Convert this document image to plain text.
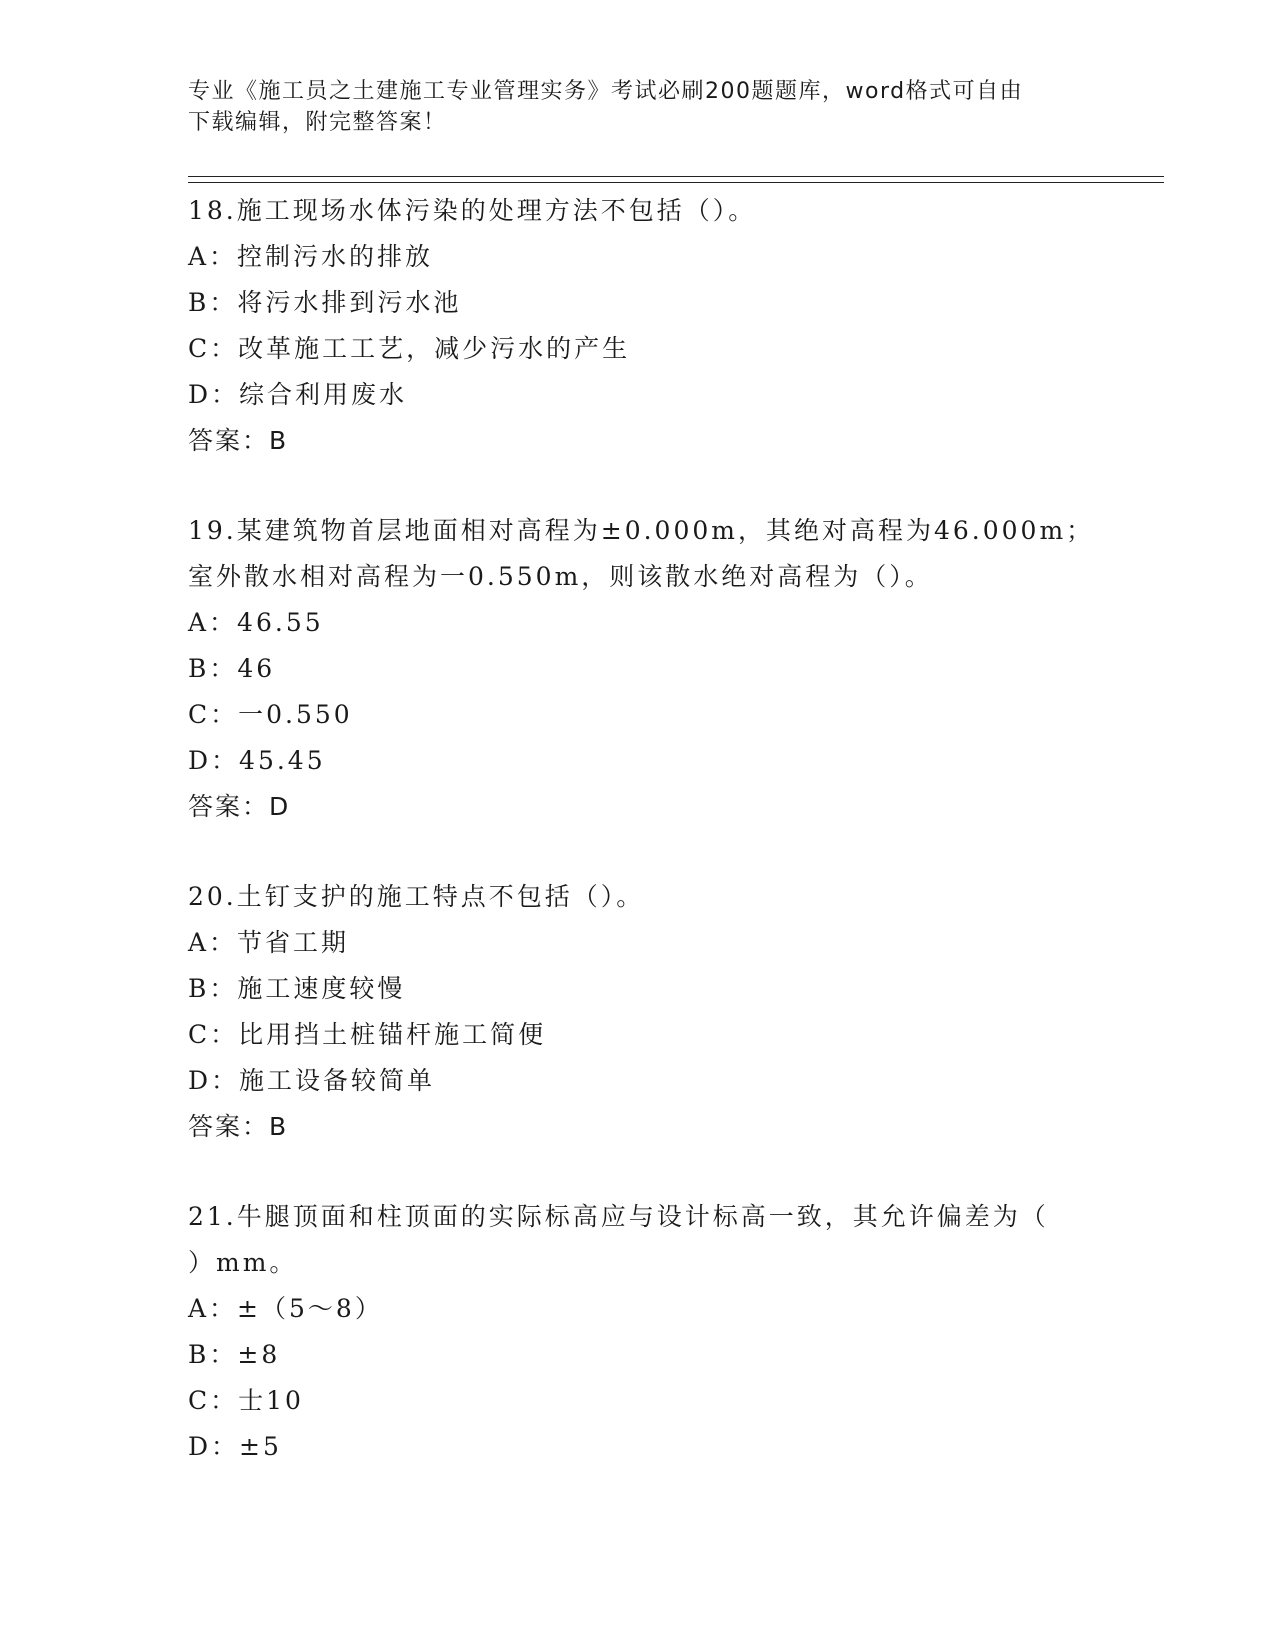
专业《施工员之土建施工专业管理实务》考试必刷200题题库，word格式可自由
下载编辑，附完整答案！
18.施工现场水体污染的处理方法不包括（）。
A：控制污水的排放
B：将污水排到污水池
C：改革施工工艺，减少污水的产生
D：综合利用废水
答案：B
19.某建筑物首层地面相对高程为±0.000m，其绝对高程为46.000m；
室外散水相对高程为一0.550m，则该散水绝对高程为（）。
A：46.55
B：46
C：一0.550
D：45.45
答案：D
20.土钉支护的施工特点不包括（）。
A：节省工期
B：施工速度较慢
C：比用挡土桩锚杆施工简便
D：施工设备较简单
答案：B
21.牛腿顶面和柱顶面的实际标高应与设计标高一致，其允许偏差为（
）mm。
A：±（5～8）
B：±8
C：士10
D：±5
